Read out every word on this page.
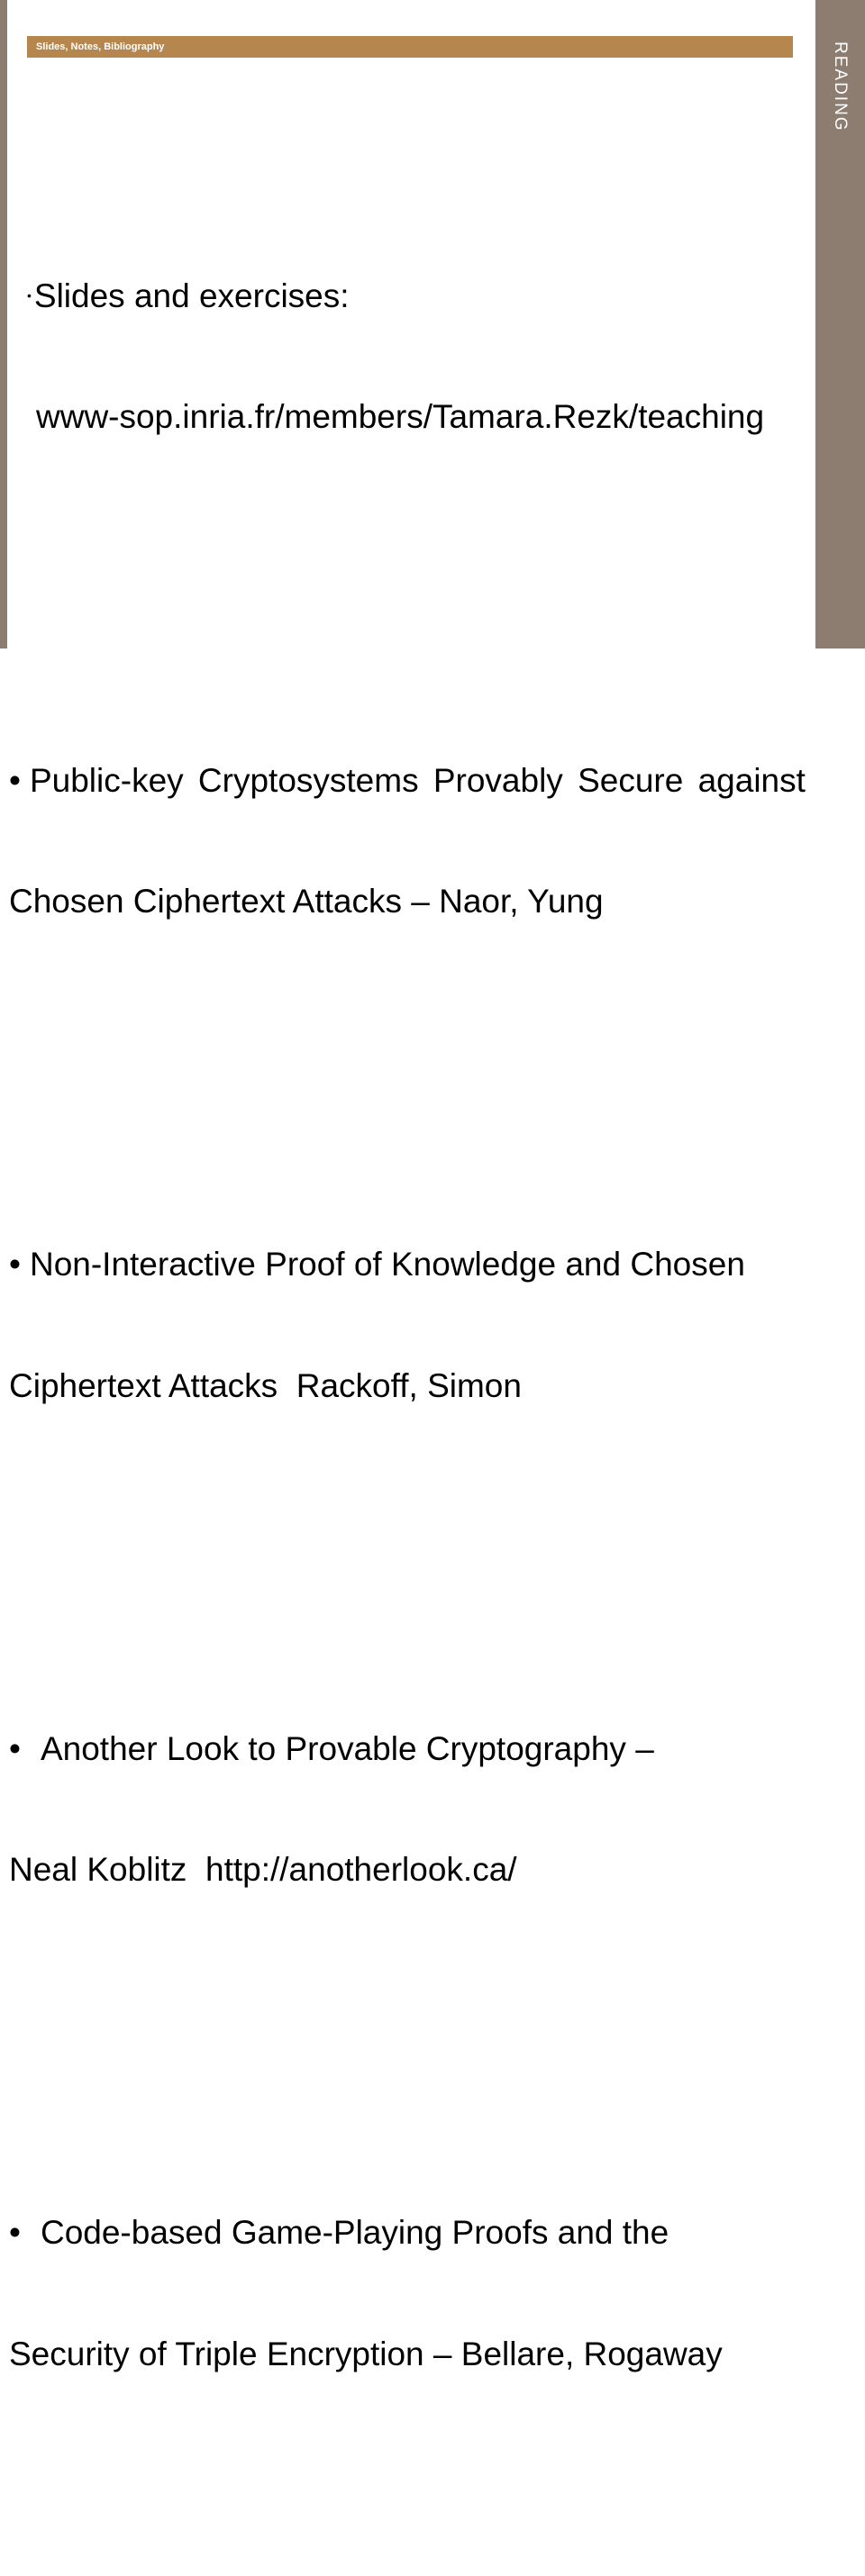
READING
Slides, Notes, Bibliography

•Slides and exercises:

www-sop.inria.fr/members/Tamara.Rezk/teaching

• Public-key Cryptosystems Provably Secure against

Chosen Ciphertext Attacks – Naor, Yung

• Non-Interactive Proof of Knowledge and Chosen

Ciphertext Attacks  Rackoff, Simon

• Another Look to Provable Cryptography –

Neal Koblitz  http://anotherlook.ca/

• Code-based Game-Playing Proofs and the

Security of Triple Encryption – Bellare, Rogaway
